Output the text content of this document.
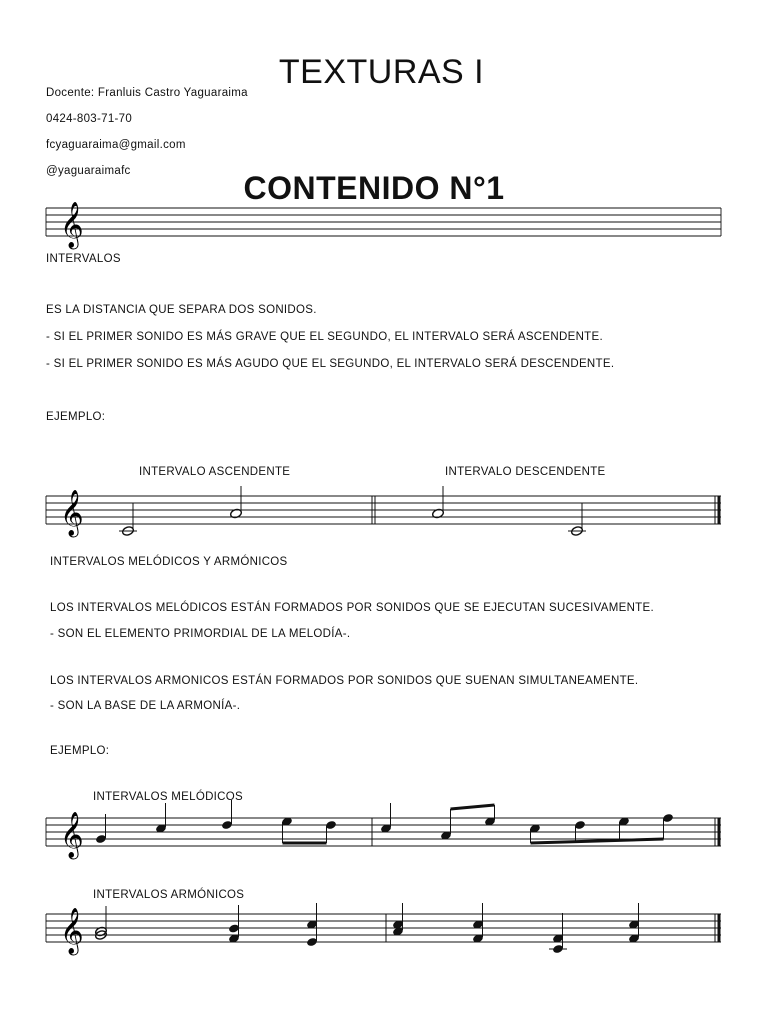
TEXTURAS I

Docente: Franluis Castro Yaguaraima

0424-803-71-70

fcyaguaraima@gmail.com

@yaguaraimafc	CONTENIDO N°1
𝄞

INTERVALOS

ES LA DISTANCIA QUE SEPARA DOS SONIDOS.

- SI EL PRIMER SONIDO ES MÁS GRAVE QUE EL SEGUNDO, EL INTERVALO SERÁ ASCENDENTE.

- SI EL PRIMER SONIDO ES MÁS AGUDO QUE EL SEGUNDO, EL INTERVALO SERÁ DESCENDENTE.

EJEMPLO:

INTERVALO ASCENDENTE	INTERVALO DESCENDENTE

𝄞

INTERVALOS MELÓDICOS Y ARMÓNICOS

LOS INTERVALOS MELÓDICOS ESTÁN FORMADOS POR SONIDOS QUE SE EJECUTAN SUCESIVAMENTE.

- SON EL ELEMENTO PRIMORDIAL DE LA MELODÍA-.

LOS INTERVALOS ARMONICOS ESTÁN FORMADOS POR SONIDOS QUE SUENAN SIMULTANEAMENTE.

- SON LA BASE DE LA ARMONÍA-.

EJEMPLO:

INTERVALOS MELÓDICOS

𝄞

INTERVALOS ARMÓNICOS

𝄞
